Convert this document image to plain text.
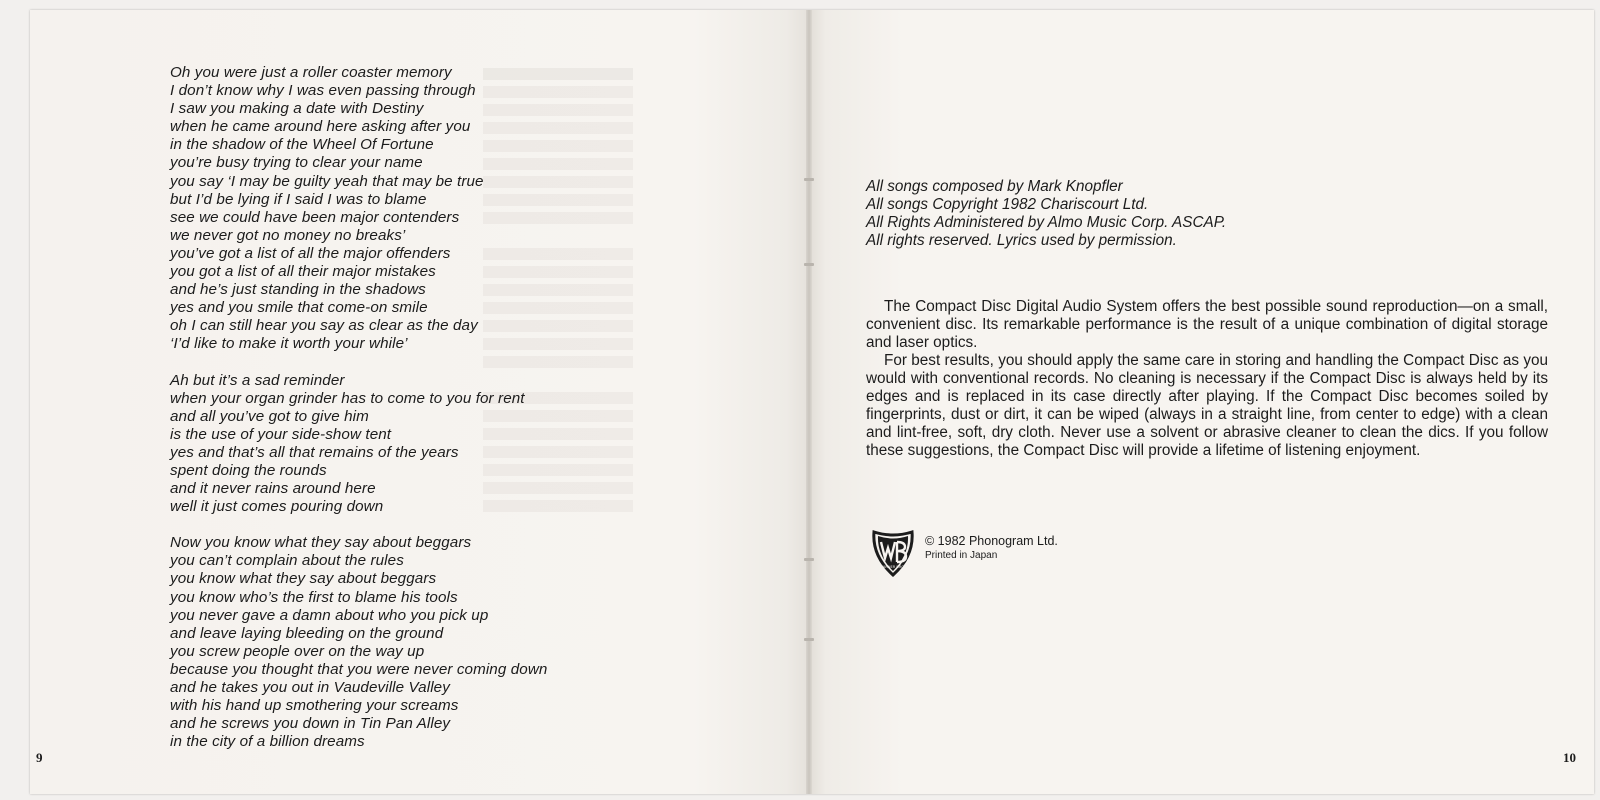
Oh you were just a roller coaster memory
I don’t know why I was even passing through
I saw you making a date with Destiny
when he came around here asking after you
in the shadow of the Wheel Of Fortune
you’re busy trying to clear your name
you say ‘I may be guilty yeah that may be true
but I’d be lying if I said I was to blame
see we could have been major contenders
we never got no money no breaks’
you’ve got a list of all the major offenders
you got a list of all their major mistakes
and he’s just standing in the shadows
yes and you smile that come-on smile
oh I can still hear you say as clear as the day
‘I’d like to make it worth your while’
Ah but it’s a sad reminder
when your organ grinder has to come to you for rent
and all you’ve got to give him
is the use of your side-show tent
yes and that’s all that remains of the years
spent doing the rounds
and it never rains around here
well it just comes pouring down
Now you know what they say about beggars
you can’t complain about the rules
you know what they say about beggars
you know who’s the first to blame his tools
you never gave a damn about who you pick up
and leave laying bleeding on the ground
you screw people over on the way up
because you thought that you were never coming down
and he takes you out in Vaudeville Valley
with his hand up smothering your screams
and he screws you down in Tin Pan Alley
in the city of a billion dreams
9
All songs composed by Mark Knopfler
All songs Copyright 1982 Chariscourt Ltd.
All Rights Administered by Almo Music Corp. ASCAP.
All rights reserved. Lyrics used by permission.

The Compact Disc Digital Audio System offers the best possible sound reproduction—on a small, convenient disc. Its remarkable performance is the result of a unique combination of digital storage and laser optics.

For best results, you should apply the same care in storing and handling the Compact Disc as you would with conventional records. No cleaning is necessary if the Compact Disc is always held by its edges and is replaced in its case directly after playing. If the Compact Disc becomes soiled by fingerprints, dust or dirt, it can be wiped (always in a straight line, from center to edge) with a clean and lint-free, soft, dry cloth. Never use a solvent or abrasive cleaner to clean the dics. If you follow these suggestions, the Compact Disc will provide a lifetime of listening enjoyment.

WARNER BROS
© 1982 Phonogram Ltd.
Printed in Japan
10
